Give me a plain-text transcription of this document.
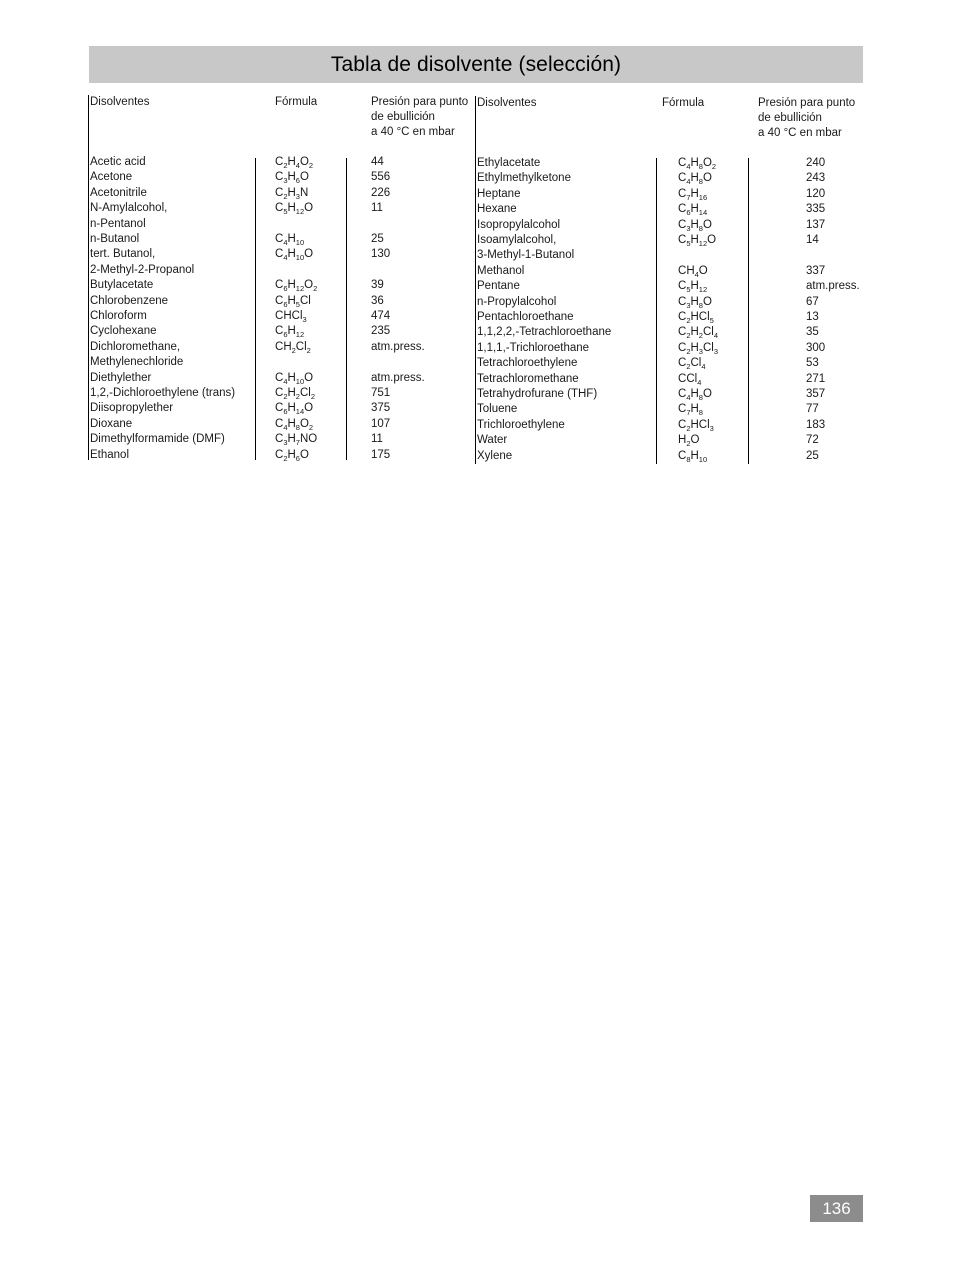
Tabla de disolvente (selección)
Disolventes	Fórmula	Presión para punto
de ebullición
a 40 °C en mbar
Acetic acid	$C_2H_4O_2$	44
Acetone	$C_3H_6O$	556
Acetonitrile	$C_2H_3N$	226
N-Amylalcohol,	$C_5H_{12}O$	11
n-Pentanol
n-Butanol	$C_4H_{10}$	25
tert. Butanol,	$C_4H_{10}O$	130
2-Methyl-2-Propanol
Butylacetate	$C_6H_{12}O_2$	39
Chlorobenzene	$C_6H_5Cl$	36
Chloroform	CHCl$_3$	474
Cyclohexane	$C_6H_{12}$	235
Dichloromethane,	$CH_2Cl_2$	atm.press.
Methylenechloride
Diethylether	$C_4H_{10}O$	atm.press.
1,2,-Dichloroethylene (trans)	$C_2H_2Cl_2$	751
Diisopropylether	$C_6H_{14}O$	375
Dioxane	$C_4H_8O_2$	107
Dimethylformamide (DMF)	$C_3H_7NO$	11
Ethanol	$C_2H_6O$	175
Disolventes	Fórmula	Presión para punto
de ebullición
a 40 °C en mbar
Ethylacetate	$C_4H_8O_2$	240
Ethylmethylketone	$C_4H_8O$	243
Heptane	$C_7H_{16}$	120
Hexane	$C_6H_{14}$	335
Isopropylalcohol	$C_3H_8O$	137
Isoamylalcohol,	$C_5H_{12}O$	14
3-Methyl-1-Butanol
Methanol	$CH_4O$	337
Pentane	$C_5H_{12}$	atm.press.
n-Propylalcohol	$C_3H_8O$	67
Pentachloroethane	$C_2HCl_5$	13
1,1,2,2,-Tetrachloroethane	$C_2H_2Cl_4$	35
1,1,1,-Trichloroethane	$C_2H_3Cl_3$	300
Tetrachloroethylene	$C_2Cl_4$	53
Tetrachloromethane	CCl$_4$	271
Tetrahydrofurane (THF)	$C_4H_8O$	357
Toluene	$C_7H_8$	77
Trichloroethylene	$C_2HCl_3$	183
Water	$H_2O$	72
Xylene	$C_8H_{10}$	25
136
